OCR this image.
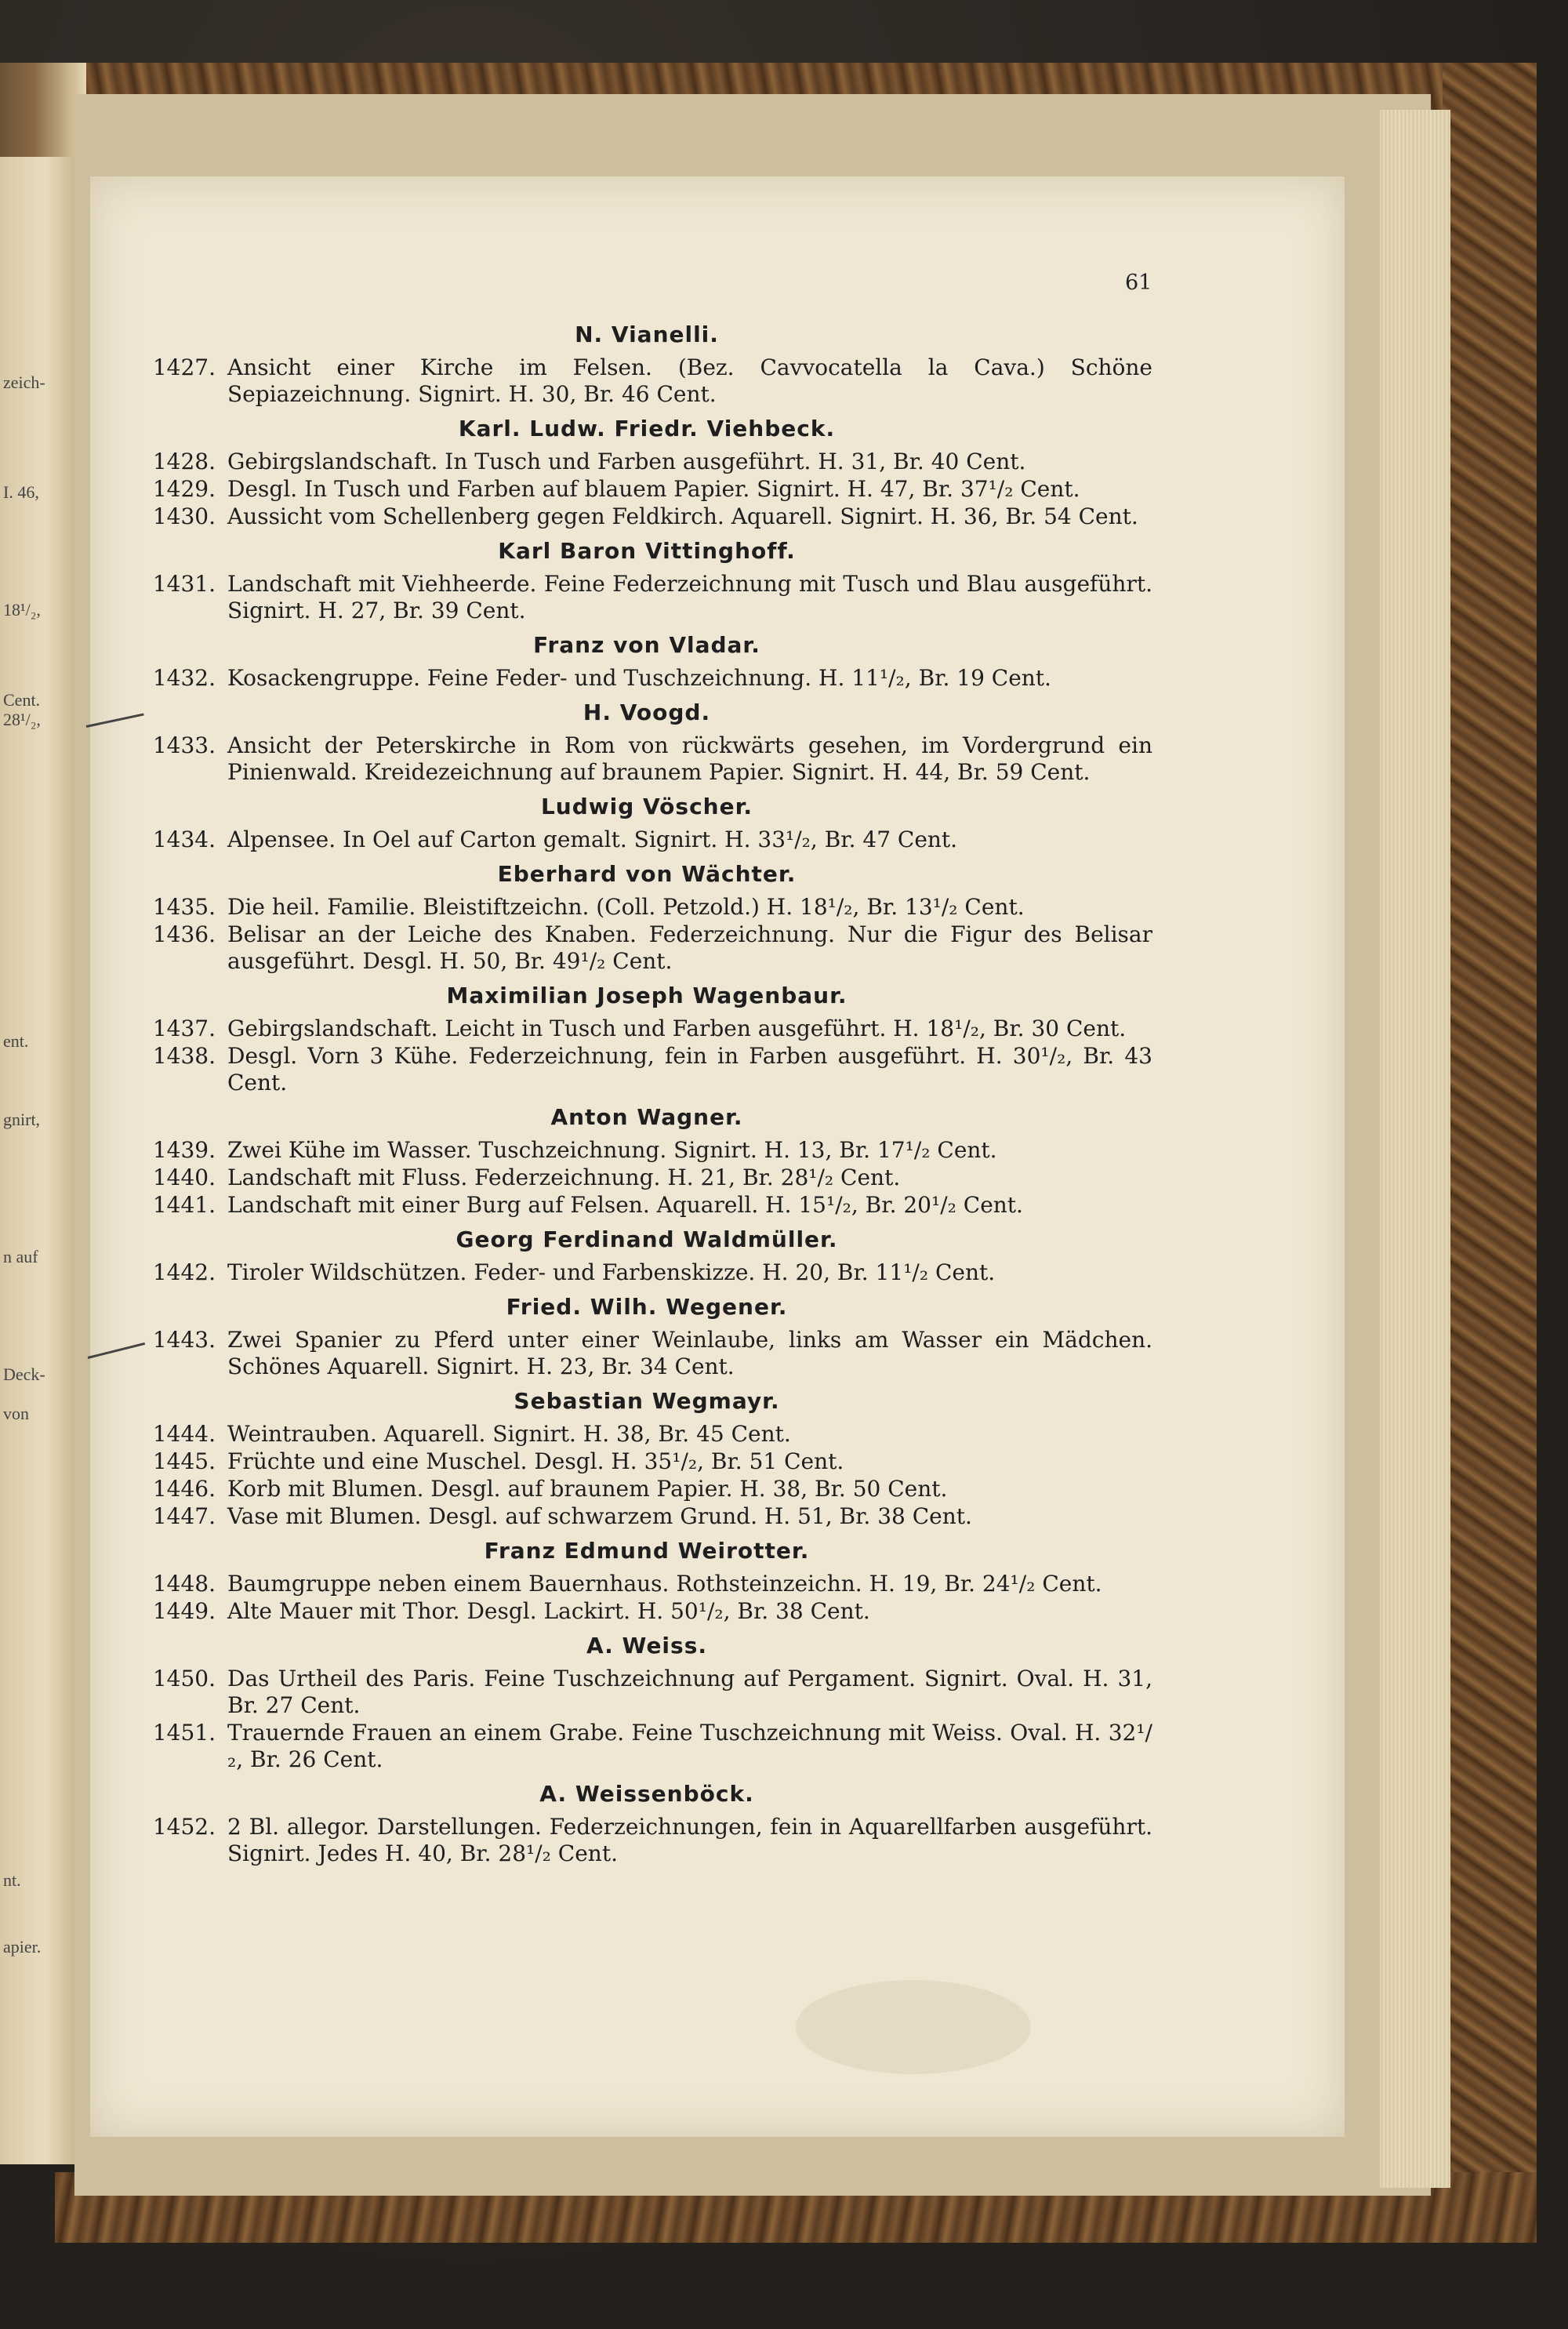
zeich-
I. 46,
18¹/₂,
Cent.
28¹/₂,
ent.
gnirt,
n auf
Deck-
von
nt.
apier.
61
N. Vianelli.
1427. Ansicht einer Kirche im Felsen. (Bez. Cavvocatella la Cava.) Schöne Sepiazeichnung. Signirt. H. 30, Br. 46 Cent.
Karl. Ludw. Friedr. Viehbeck.
1428. Gebirgslandschaft. In Tusch und Farben ausgeführt. H. 31, Br. 40 Cent.
1429. Desgl. In Tusch und Farben auf blauem Papier. Signirt. H. 47, Br. 37¹/₂ Cent.
1430. Aussicht vom Schellenberg gegen Feldkirch. Aquarell. Signirt. H. 36, Br. 54 Cent.
Karl Baron Vittinghoff.
1431. Landschaft mit Viehheerde. Feine Federzeichnung mit Tusch und Blau ausgeführt. Signirt. H. 27, Br. 39 Cent.
Franz von Vladar.
1432. Kosackengruppe. Feine Feder- und Tuschzeichnung. H. 11¹/₂, Br. 19 Cent.
H. Voogd.
1433. Ansicht der Peterskirche in Rom von rückwärts gesehen, im Vordergrund ein Pinienwald. Kreidezeichnung auf braunem Papier. Signirt. H. 44, Br. 59 Cent.
Ludwig Vöscher.
1434. Alpensee. In Oel auf Carton gemalt. Signirt. H. 33¹/₂, Br. 47 Cent.
Eberhard von Wächter.
1435. Die heil. Familie. Bleistiftzeichn. (Coll. Petzold.) H. 18¹/₂, Br. 13¹/₂ Cent.
1436. Belisar an der Leiche des Knaben. Federzeichnung. Nur die Figur des Belisar ausgeführt. Desgl. H. 50, Br. 49¹/₂ Cent.
Maximilian Joseph Wagenbaur.
1437. Gebirgslandschaft. Leicht in Tusch und Farben ausgeführt. H. 18¹/₂, Br. 30 Cent.
1438. Desgl. Vorn 3 Kühe. Federzeichnung, fein in Farben ausgeführt. H. 30¹/₂, Br. 43 Cent.
Anton Wagner.
1439. Zwei Kühe im Wasser. Tuschzeichnung. Signirt. H. 13, Br. 17¹/₂ Cent.
1440. Landschaft mit Fluss. Federzeichnung. H. 21, Br. 28¹/₂ Cent.
1441. Landschaft mit einer Burg auf Felsen. Aquarell. H. 15¹/₂, Br. 20¹/₂ Cent.
Georg Ferdinand Waldmüller.
1442. Tiroler Wildschützen. Feder- und Farbenskizze. H. 20, Br. 11¹/₂ Cent.
Fried. Wilh. Wegener.
1443. Zwei Spanier zu Pferd unter einer Weinlaube, links am Wasser ein Mädchen. Schönes Aquarell. Signirt. H. 23, Br. 34 Cent.
Sebastian Wegmayr.
1444. Weintrauben. Aquarell. Signirt. H. 38, Br. 45 Cent.
1445. Früchte und eine Muschel. Desgl. H. 35¹/₂, Br. 51 Cent.
1446. Korb mit Blumen. Desgl. auf braunem Papier. H. 38, Br. 50 Cent.
1447. Vase mit Blumen. Desgl. auf schwarzem Grund. H. 51, Br. 38 Cent.
Franz Edmund Weirotter.
1448. Baumgruppe neben einem Bauernhaus. Rothsteinzeichn. H. 19, Br. 24¹/₂ Cent.
1449. Alte Mauer mit Thor. Desgl. Lackirt. H. 50¹/₂, Br. 38 Cent.
A. Weiss.
1450. Das Urtheil des Paris. Feine Tuschzeichnung auf Pergament. Signirt. Oval. H. 31, Br. 27 Cent.
1451. Trauernde Frauen an einem Grabe. Feine Tuschzeichnung mit Weiss. Oval. H. 32¹/₂, Br. 26 Cent.
A. Weissenböck.
1452. 2 Bl. allegor. Darstellungen. Federzeichnungen, fein in Aquarellfarben ausgeführt. Signirt. Jedes H. 40, Br. 28¹/₂ Cent.
